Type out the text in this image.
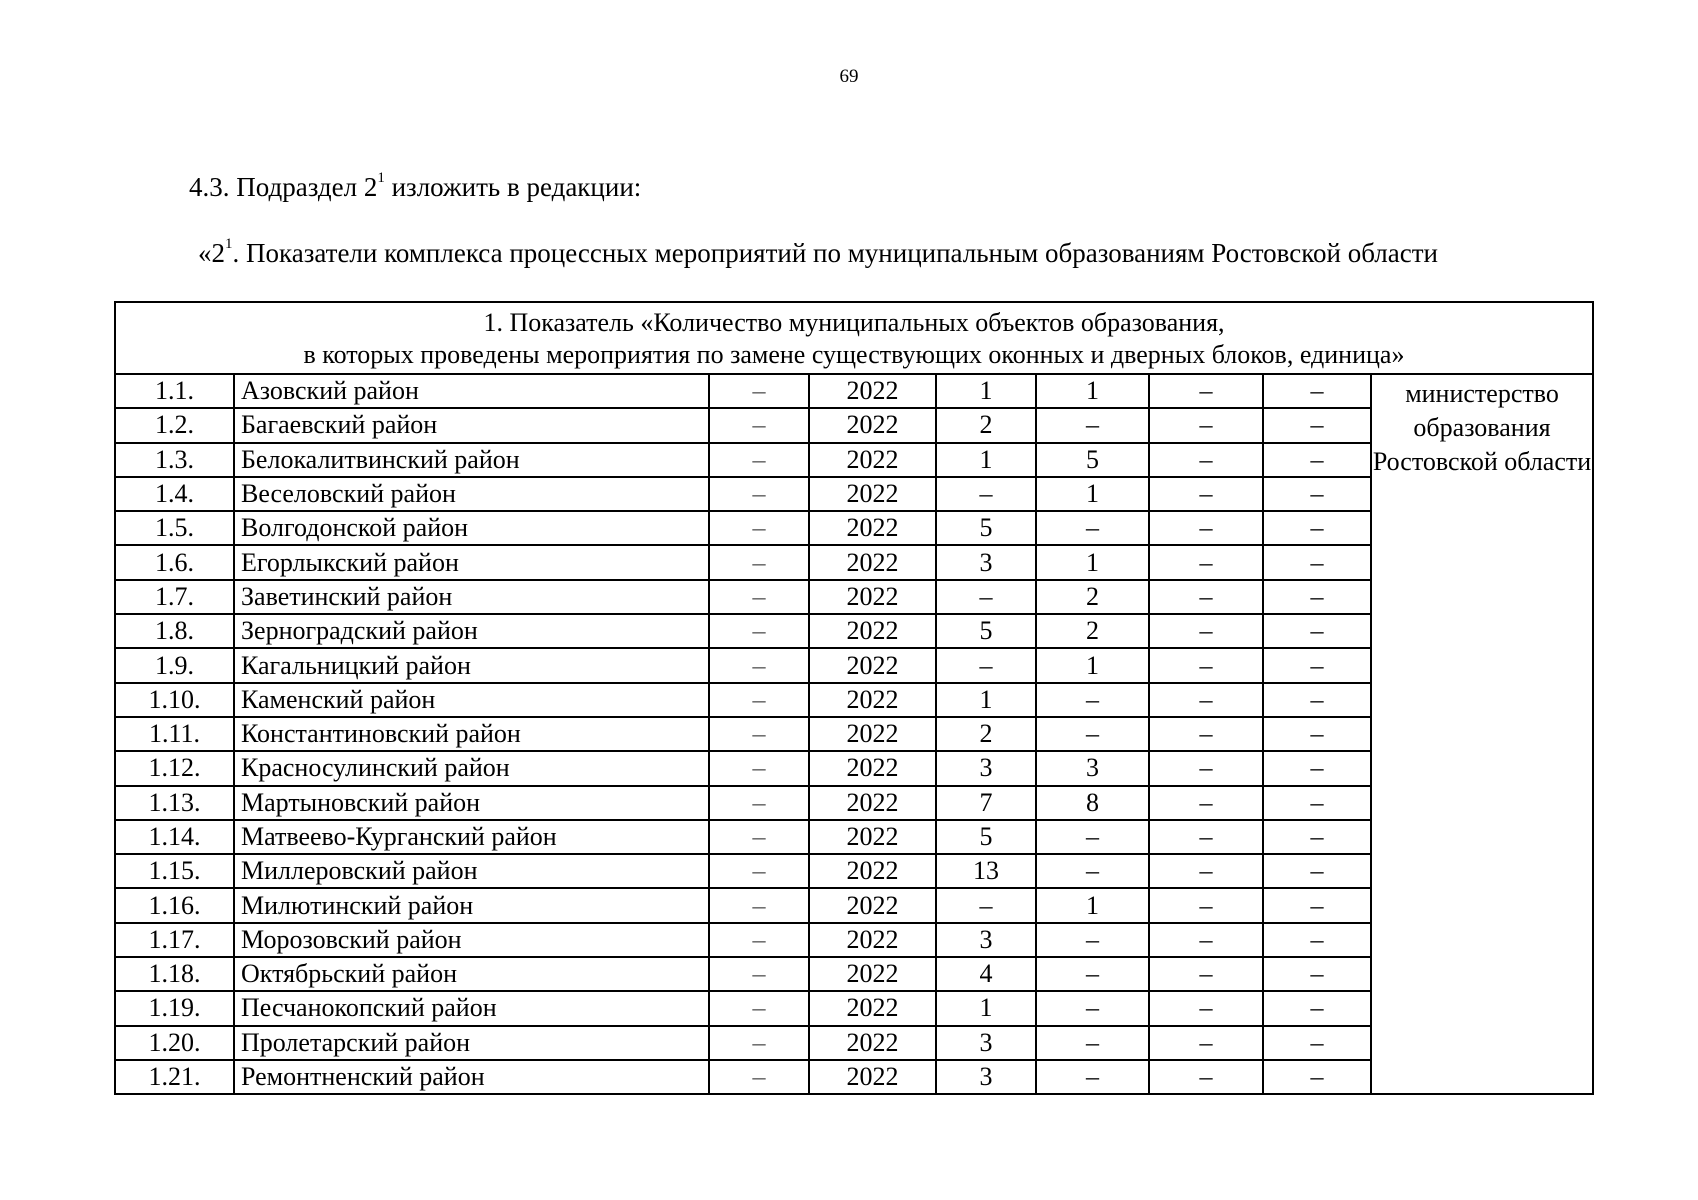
69
4.3. Подраздел $2^1$ изложить в редакции:
«$2^1$. Показатели комплекса процессных мероприятий по муниципальным образованиям Ростовской области
1. Показатель «Количество муниципальных объектов образования,
в которых проведены мероприятия по замене существующих оконных и дверных блоков, единица»								

1.1.	Азовский район	–	2022	1	1	–	–	министерство образования Ростовской области
1.2.	Багаевский район	–	2022	2	–	–	–	
1.3.	Белокалитвинский район	–	2022	1	5	–	–	
1.4.	Веселовский район	–	2022	–	1	–	–	
1.5.	Волгодонской район	–	2022	5	–	–	–	
1.6.	Егорлыкский район	–	2022	3	1	–	–	
1.7.	Заветинский район	–	2022	–	2	–	–	
1.8.	Зерноградский район	–	2022	5	2	–	–	
1.9.	Кагальницкий район	–	2022	–	1	–	–	
1.10.	Каменский район	–	2022	1	–	–	–	
1.11.	Константиновский район	–	2022	2	–	–	–	
1.12.	Красносулинский район	–	2022	3	3	–	–	
1.13.	Мартыновский район	–	2022	7	8	–	–	
1.14.	Матвеево-Курганский район	–	2022	5	–	–	–	
1.15.	Миллеровский район	–	2022	13	–	–	–	
1.16.	Милютинский район	–	2022	–	1	–	–	
1.17.	Морозовский район	–	2022	3	–	–	–	
1.18.	Октябрьский район	–	2022	4	–	–	–	
1.19.	Песчанокопский район	–	2022	1	–	–	–	
1.20.	Пролетарский район	–	2022	3	–	–	–	
1.21.	Ремонтненский район	–	2022	3	–	–	–	
